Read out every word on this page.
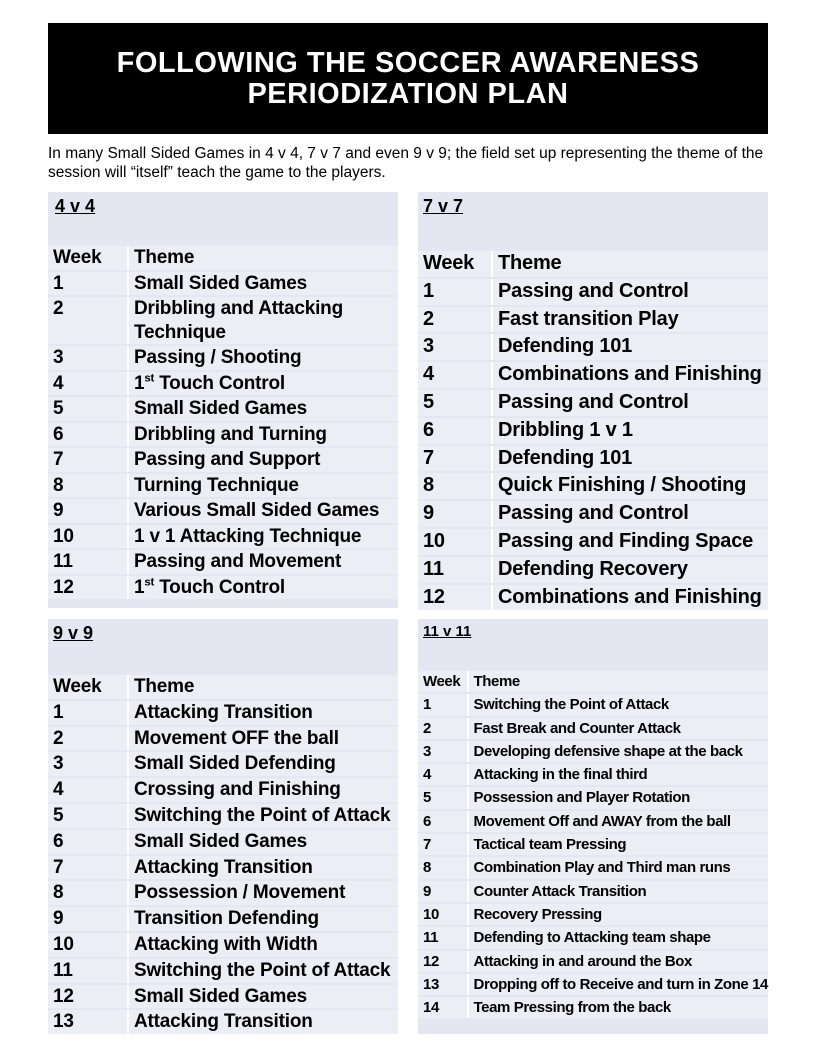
FOLLOWING THE SOCCER AWARENESS
PERIODIZATION PLAN
In many Small Sided Games in 4 v 4, 7 v 7 and even 9 v 9; the field set up representing the theme of the session will “itself” teach the game to the players.
4 v 4
Week	Theme
1	Small Sided Games
2	Dribbling and Attacking Technique
3	Passing / Shooting
4	1st Touch Control
5	Small Sided Games
6	Dribbling and Turning
7	Passing and Support
8	Turning Technique
9	Various Small Sided Games
10	1 v 1 Attacking Technique
11	Passing and Movement
12	1st Touch Control
7 v 7
Week	Theme
1	Passing and Control
2	Fast transition Play
3	Defending 101
4	Combinations and Finishing
5	Passing and Control
6	Dribbling 1 v 1
7	Defending 101
8	Quick Finishing / Shooting
9	Passing and Control
10	Passing and Finding Space
11	Defending Recovery
12	Combinations and Finishing
9 v 9
Week	Theme
1	Attacking Transition
2	Movement OFF the ball
3	Small Sided Defending
4	Crossing and Finishing
5	Switching the Point of Attack
6	Small Sided Games
7	Attacking Transition
8	Possession / Movement
9	Transition Defending
10	Attacking with Width
11	Switching the Point of Attack
12	Small Sided Games
13	Attacking Transition
11 v 11
Week	Theme
1	Switching the Point of Attack
2	Fast Break and Counter Attack
3	Developing defensive shape at the back
4	Attacking in the final third
5	Possession and Player Rotation
6	Movement Off and AWAY from the ball
7	Tactical team Pressing
8	Combination Play and Third man runs
9	Counter Attack Transition
10	Recovery Pressing
11	Defending to Attacking team shape
12	Attacking in and around the Box
13	Dropping off to Receive and turn in Zone 14
14	Team Pressing from the back
